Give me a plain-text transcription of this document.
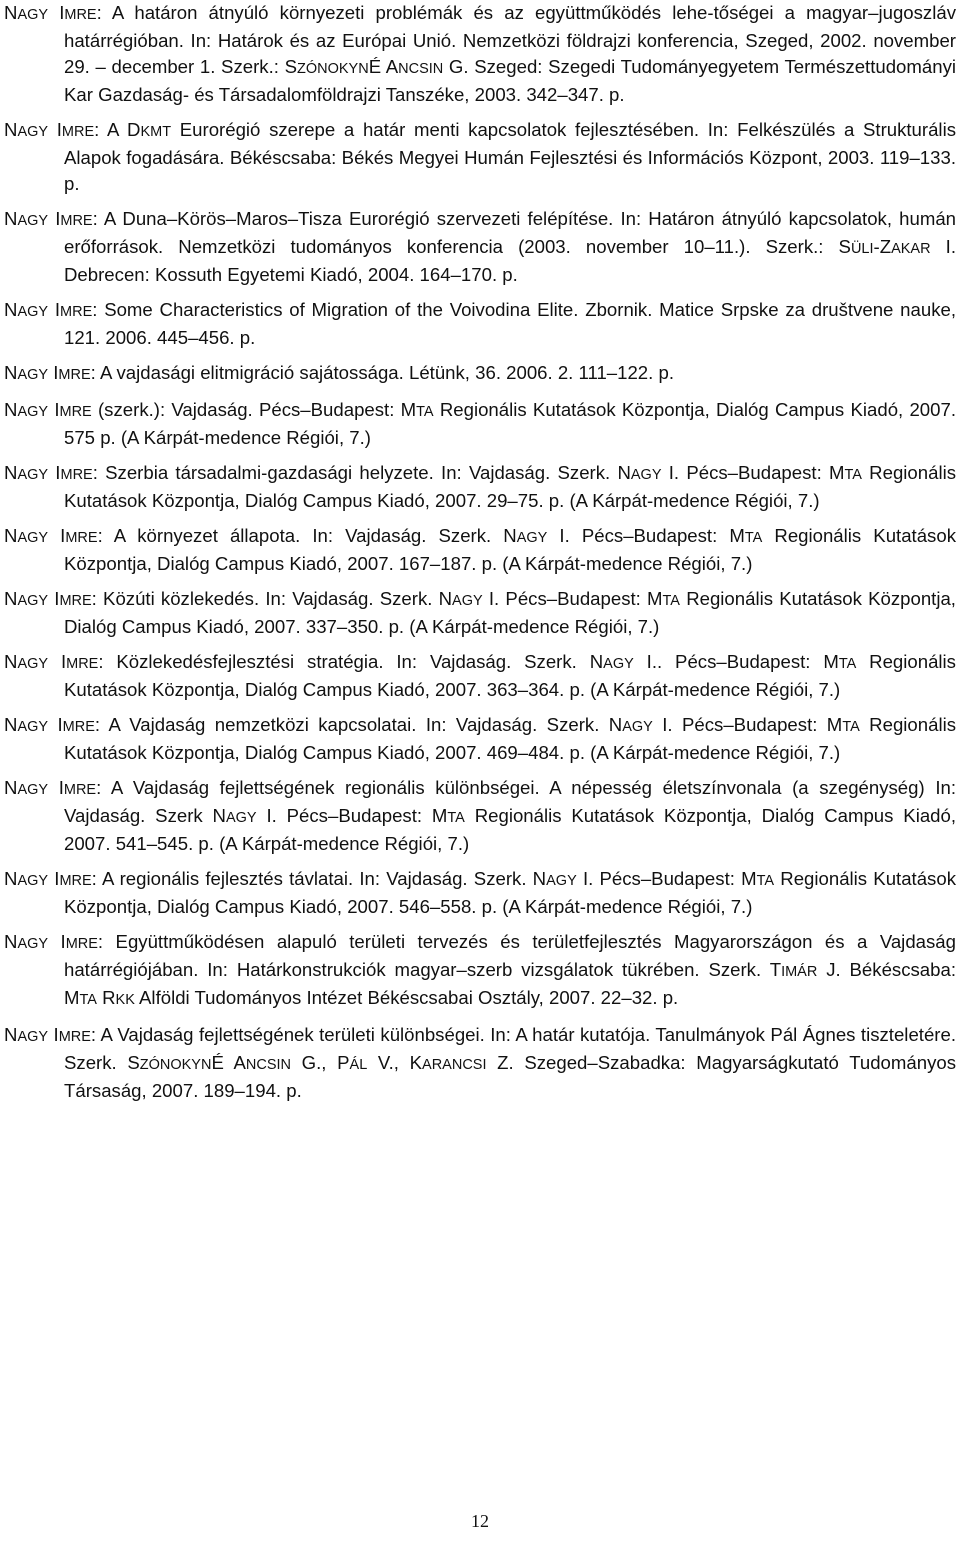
NAGY IMRE: A határon átnyúló környezeti problémák és az együttműködés lehe-tőségei a magyar–jugoszláv határrégióban. In: Határok és az Európai Unió. Nemzetközi földrajzi konferencia, Szeged, 2002. november 29. – december 1. Szerk.: SZÓNOKYNÉ ANCSIN G. Szeged: Szegedi Tudományegyetem Természettudományi Kar Gazdaság- és Társadalomföldrajzi Tanszéke, 2003. 342–347. p.

NAGY IMRE: A DKMT Eurorégió szerepe a határ menti kapcsolatok fejlesztésében. In: Felkészülés a Strukturális Alapok fogadására. Békéscsaba: Békés Megyei Humán Fejlesztési és Információs Központ, 2003. 119–133. p.

NAGY IMRE: A Duna–Körös–Maros–Tisza Eurorégió szervezeti felépítése. In: Határon átnyúló kapcsolatok, humán erőforrások. Nemzetközi tudományos konferencia (2003. november 10–11.). Szerk.: SÜLI-ZAKAR I. Debrecen: Kossuth Egyetemi Kiadó, 2004. 164–170. p.

NAGY IMRE: Some Characteristics of Migration of the Voivodina Elite. Zbornik. Matice Srpske za društvene nauke, 121. 2006. 445–456. p.

NAGY IMRE: A vajdasági elitmigráció sajátossága. Létünk, 36. 2006. 2. 111–122. p.

NAGY IMRE (szerk.): Vajdaság. Pécs–Budapest: MTA Regionális Kutatások Központja, Dialóg Campus Kiadó, 2007. 575 p. (A Kárpát-medence Régiói, 7.)

NAGY IMRE: Szerbia társadalmi-gazdasági helyzete. In: Vajdaság. Szerk. NAGY I. Pécs–Budapest: MTA Regionális Kutatások Központja, Dialóg Campus Kiadó, 2007. 29–75. p. (A Kárpát-medence Régiói, 7.)

NAGY IMRE: A környezet állapota. In: Vajdaság. Szerk. NAGY I. Pécs–Budapest: MTA Regionális Kutatások Központja, Dialóg Campus Kiadó, 2007. 167–187. p. (A Kárpát-medence Régiói, 7.)

NAGY IMRE: Közúti közlekedés. In: Vajdaság. Szerk. NAGY I. Pécs–Budapest: MTA Regionális Kutatások Központja, Dialóg Campus Kiadó, 2007. 337–350. p. (A Kárpát-medence Régiói, 7.)

NAGY IMRE: Közlekedésfejlesztési stratégia. In: Vajdaság. Szerk. NAGY I.. Pécs–Budapest: MTA Regionális Kutatások Központja, Dialóg Campus Kiadó, 2007. 363–364. p. (A Kárpát-medence Régiói, 7.)

NAGY IMRE: A Vajdaság nemzetközi kapcsolatai. In: Vajdaság. Szerk. NAGY I. Pécs–Budapest: MTA Regionális Kutatások Központja, Dialóg Campus Kiadó, 2007. 469–484. p. (A Kárpát-medence Régiói, 7.)

NAGY IMRE: A Vajdaság fejlettségének regionális különbségei. A népesség életszínvonala (a szegénység) In: Vajdaság. Szerk NAGY I. Pécs–Budapest: MTA Regionális Kutatások Központja, Dialóg Campus Kiadó, 2007. 541–545. p. (A Kárpát-medence Régiói, 7.)

NAGY IMRE: A regionális fejlesztés távlatai. In: Vajdaság. Szerk. NAGY I. Pécs–Budapest: MTA Regionális Kutatások Központja, Dialóg Campus Kiadó, 2007. 546–558. p. (A Kárpát-medence Régiói, 7.)

NAGY IMRE: Együttműködésen alapuló területi tervezés és területfejlesztés Magyarországon és a Vajdaság határrégiójában. In: Határkonstrukciók magyar–szerb vizsgálatok tükrében. Szerk. TIMÁR J. Békéscsaba: MTA RKK Alföldi Tudományos Intézet Békéscsabai Osztály, 2007. 22–32. p.

NAGY IMRE: A Vajdaság fejlettségének területi különbségei. In: A határ kutatója. Tanulmányok Pál Ágnes tiszteletére. Szerk. SZÓNOKYNÉ ANCSIN G., PÁL V., KARANCSI Z. Szeged–Szabadka: Magyarságkutató Tudományos Társaság, 2007. 189–194. p.

12
